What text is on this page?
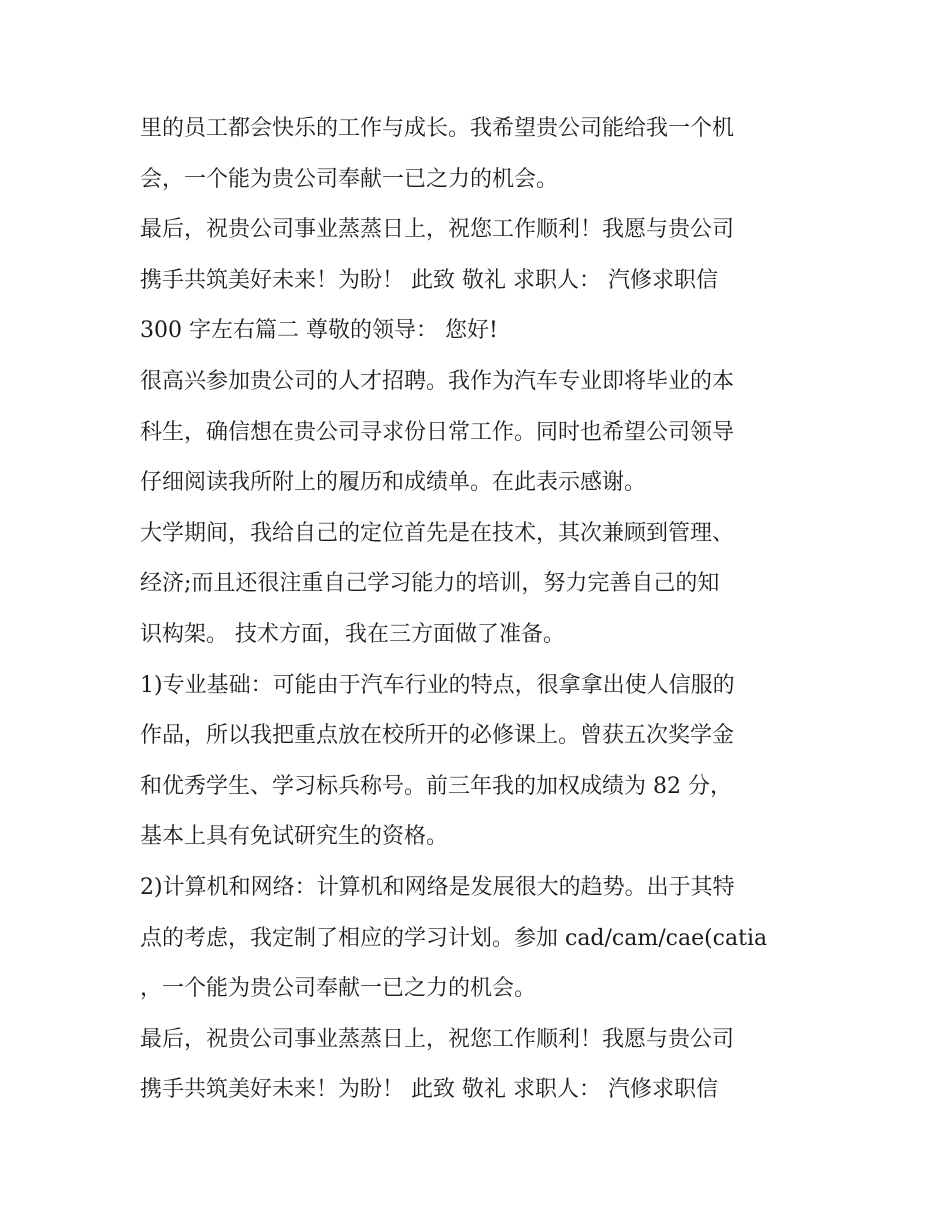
里的员工都会快乐的工作与成长。我希望贵公司能给我一个机
会，一个能为贵公司奉献一已之力的机会。
最后，祝贵公司事业蒸蒸日上，祝您工作顺利！我愿与贵公司
携手共筑美好未来！为盼！ 此致 敬礼 求职人： 汽修求职信
300 字左右篇二 尊敬的领导： 您好!
很高兴参加贵公司的人才招聘。我作为汽车专业即将毕业的本
科生，确信想在贵公司寻求份日常工作。同时也希望公司领导
仔细阅读我所附上的履历和成绩单。在此表示感谢。
大学期间，我给自己的定位首先是在技术，其次兼顾到管理、
经济;而且还很注重自己学习能力的培训，努力完善自己的知
识构架。 技术方面，我在三方面做了准备。
1)专业基础：可能由于汽车行业的特点，很拿拿出使人信服的
作品，所以我把重点放在校所开的必修课上。曾获五次奖学金
和优秀学生、学习标兵称号。前三年我的加权成绩为 82 分，
基本上具有免试研究生的资格。
2)计算机和网络：计算机和网络是发展很大的趋势。出于其特
点的考虑，我定制了相应的学习计划。参加 cad/cam/cae(catia
，一个能为贵公司奉献一已之力的机会。
最后，祝贵公司事业蒸蒸日上，祝您工作顺利！我愿与贵公司
携手共筑美好未来！为盼！ 此致 敬礼 求职人： 汽修求职信
